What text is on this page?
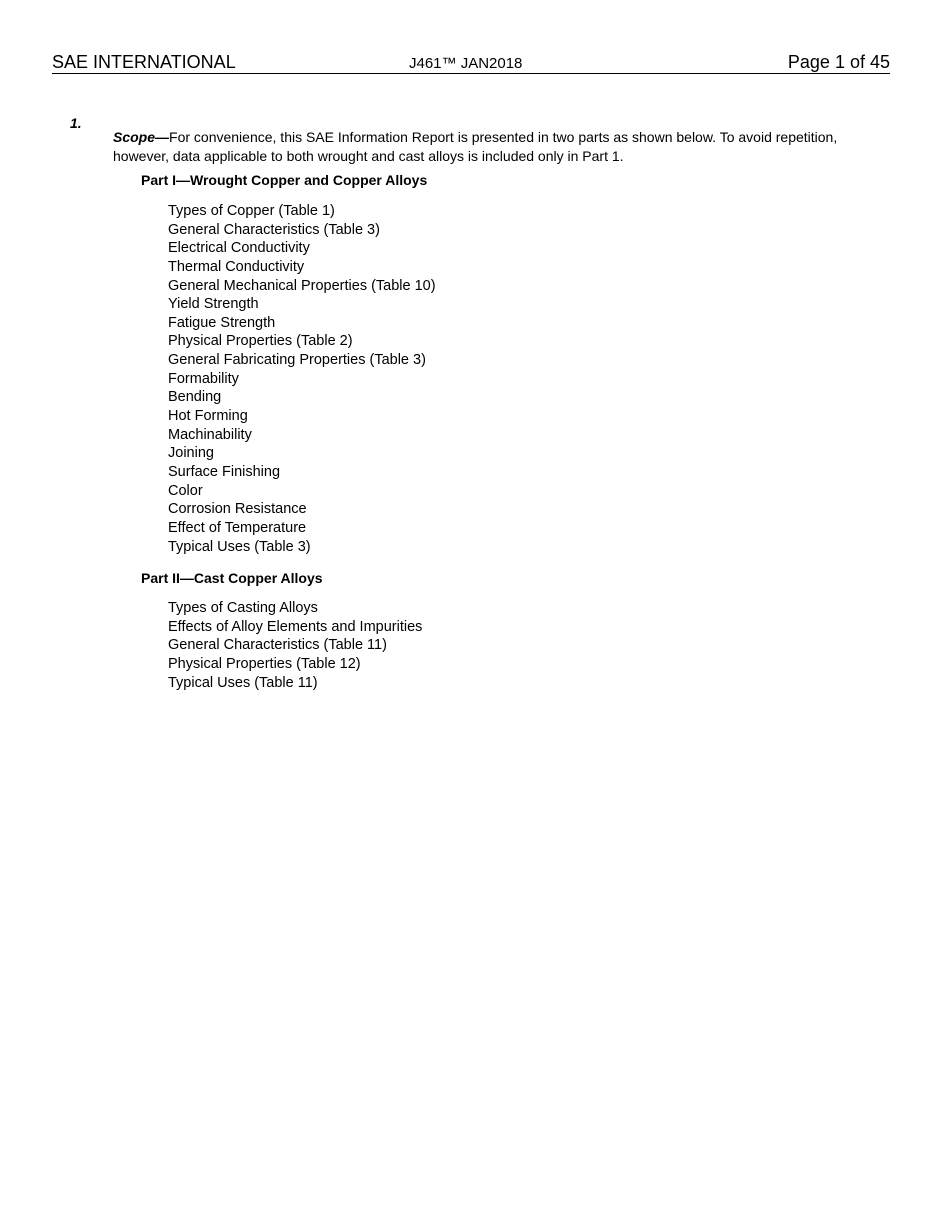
SAE INTERNATIONAL	J461™ JAN2018	Page 1 of 45
1.

Scope—For convenience, this SAE Information Report is presented in two parts as shown below. To avoid repetition, however, data applicable to both wrought and cast alloys is included only in Part 1.

Part I—Wrought Copper and Copper Alloys
Types of Copper (Table 1)
General Characteristics (Table 3)
Electrical Conductivity
Thermal Conductivity
General Mechanical Properties (Table 10)
Yield Strength
Fatigue Strength
Physical Properties (Table 2)
General Fabricating Properties (Table 3)
Formability
Bending
Hot Forming
Machinability
Joining
Surface Finishing
Color
Corrosion Resistance
Effect of Temperature
Typical Uses (Table 3)
Part II—Cast Copper Alloys
Types of Casting Alloys
Effects of Alloy Elements and Impurities
General Characteristics (Table 11)
Physical Properties (Table 12)
Typical Uses (Table 11)
